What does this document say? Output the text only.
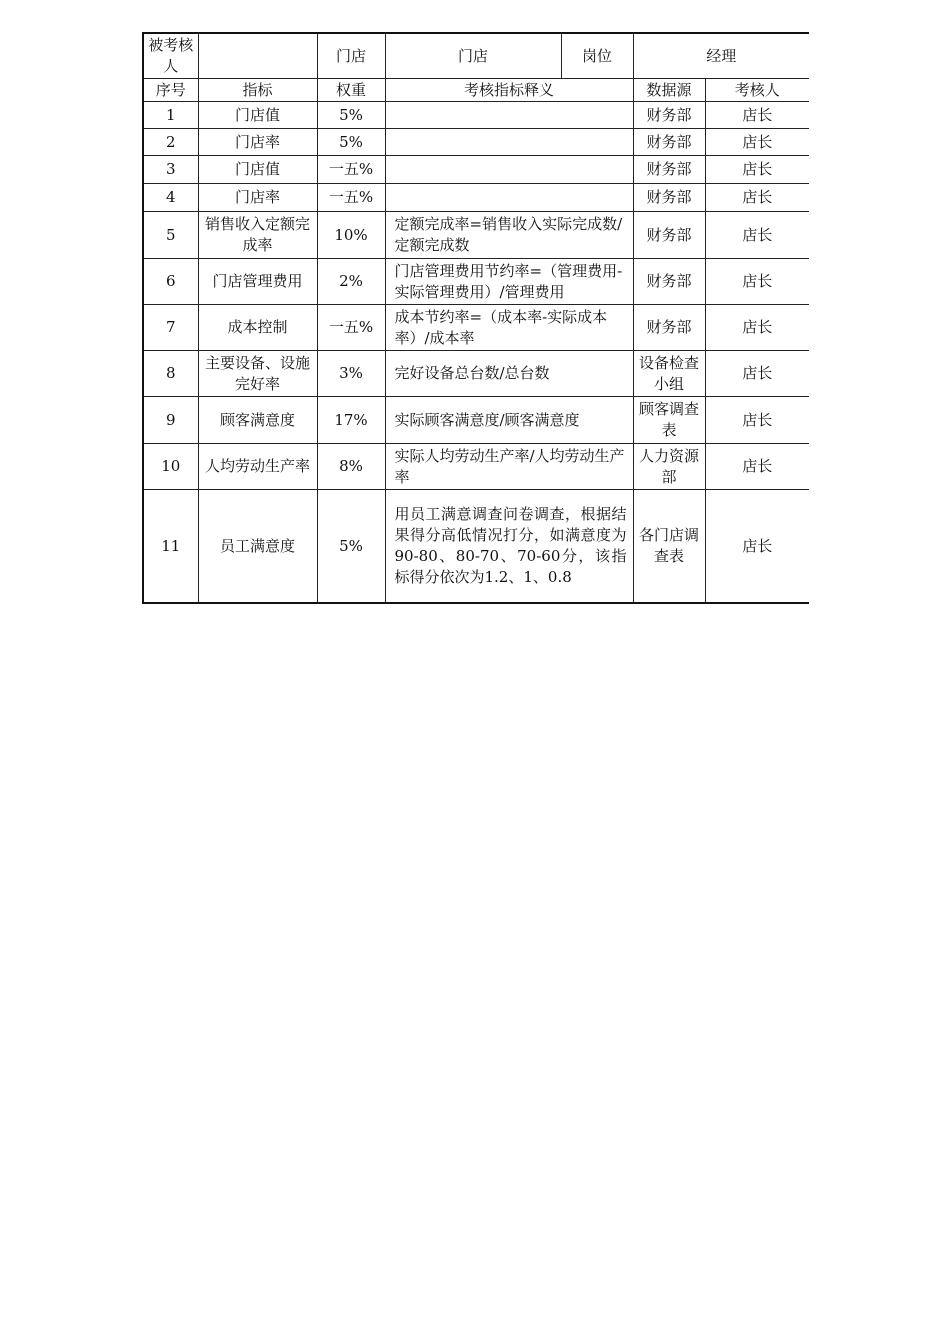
被考核人		门店	门店	岗位	经理	
序号	指标	权重	考核指标释义		数据源	考核人
1	门店值	5%			财务部	店长
2	门店率	5%			财务部	店长
3	门店值	一五%			财务部	店长
4	门店率	一五%			财务部	店长
5	销售收入定额完成率	10%	定额完成率=销售收入实际完成数/定额完成数		财务部	店长
6	门店管理费用	2%	门店管理费用节约率=（管理费用-实际管理费用）/管理费用		财务部	店长
7	成本控制	一五%	成本节约率=（成本率-实际成本率）/成本率		财务部	店长
8	主要设备、设施完好率	3%	完好设备总台数/总台数		设备检查小组	店长
9	顾客满意度	17%	实际顾客满意度/顾客满意度		顾客调查表	店长
10	人均劳动生产率	8%	实际人均劳动生产率/人均劳动生产率		人力资源部	店长
11	员工满意度	5%	用员工满意调查问卷调查，根据结果得分高低情况打分，如满意度为90-80、80-70、70-60分，该指标得分依次为1.2、1、0.8		各门店调查表	店长
